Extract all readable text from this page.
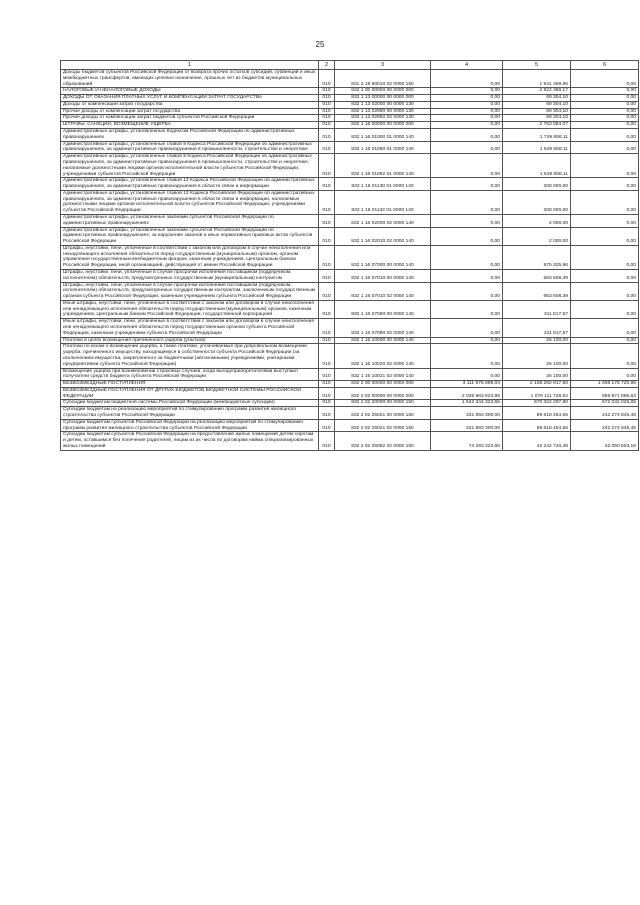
25
1	2	3	4	5	6
Доходы бюджетов субъектов Российской Федерации от возврата прочих остатков субсидий, субвенций и иных межбюджетных трансфертов, имеющих целевое назначение, прошлых лет из бюджетов муниципальных образований	010	831 2 18 60010 02 0000 150	0,00	1 941 369,85	0,00
НАЛОГОВЫЕ И НЕНАЛОГОВЫЕ ДОХОДЫ	010	832 1 00 00000 00 0000 000	0,00	2 822 388,17	0,00
ДОХОДЫ ОТ ОКАЗАНИЯ ПЛАТНЫХ УСЛУГ И КОМПЕНСАЦИИ ЗАТРАТ ГОСУДАРСТВА	010	832 1 13 00000 00 0000 000	0,00	69 304,10	0,00
Доходы от компенсации затрат государства	010	832 1 13 02000 00 0000 130	0,00	69 304,10	0,00
Прочие доходы от компенсации затрат государства	010	832 1 13 02990 00 0000 130	0,00	69 304,10	0,00
Прочие доходы от компенсации затрат бюджетов субъектов Российской Федерации	010	832 1 13 02992 02 0000 130	0,00	69 304,10	0,00
ШТРАФЫ, САНКЦИИ, ВОЗМЕЩЕНИЕ УЩЕРБА	010	832 1 16 00000 00 0000 000	0,00	2 753 084,07	0,00
Административные штрафы, установленные Кодексом Российской Федерации об административных правонарушениях	010	832 1 16 01000 01 0000 140	0,00	1 749 658,11	0,00
Административные штрафы, установленные главой 9 Кодекса Российской Федерации об административных правонарушениях, за административные правонарушения в промышленности, строительстве и энергетике	010	832 1 16 01090 01 0000 140	0,00	1 549 658,11	0,00
Административные штрафы, установленные главой 9 Кодекса Российской Федерации об административных правонарушениях, за административные правонарушения в промышленности, строительстве и энергетике, налагаемые должностными лицами органов исполнительной власти субъектов Российской Федерации, учреждениями субъектов Российской Федерации	010	832 1 16 01092 01 0000 140	0,00	1 549 658,11	0,00
Административные штрафы, установленные главой 13 Кодекса Российской Федерации об административных правонарушениях, за административные правонарушения в области связи и информации	010	832 1 16 01130 01 0000 140	0,00	200 000,00	0,00
Административные штрафы, установленные главой 13 Кодекса Российской Федерации об административных правонарушениях, за административные правонарушения в области связи и информации, налагаемые должностными лицами органов исполнительной власти субъектов Российской Федерации, учреждениями субъектов Российской Федерации	010	832 1 16 01132 01 0000 140	0,00	200 000,00	0,00
Административные штрафы, установленные законами субъектов Российской Федерации об административных правонарушениях	010	832 1 16 02000 02 0000 140	0,00	2 000,00	0,00
Административные штрафы, установленные законами субъектов Российской Федерации об административных правонарушениях, за нарушение законов и иных нормативных правовых актов субъектов Российской Федерации	010	832 1 16 02010 02 0000 140	0,00	2 000,00	0,00
Штрафы, неустойки, пени, уплаченные в соответствии с законом или договором в случае неисполнения или ненадлежащего исполнения обязательств перед государственным (муниципальным) органом, органом управления государственным внебюджетным фондом, казенным учреждением, Центральным банком Российской Федерации, иной организацией, действующей от имени Российской Федерации	010	832 1 16 07000 00 0000 140	0,00	975 325,96	0,00
Штрафы, неустойки, пени, уплаченные в случае просрочки исполнения поставщиком (подрядчиком, исполнителем) обязательств, предусмотренных государственным (муниципальным) контрактом	010	832 1 16 07010 00 0000 140	0,00	663 508,39	0,00
Штрафы, неустойки, пени, уплаченные в случае просрочки исполнения поставщиком (подрядчиком, исполнителем) обязательств, предусмотренных государственным контрактом, заключенным государственным органом субъекта Российской Федерации, казенным учреждением субъекта Российской Федерации	010	832 1 16 07010 02 0000 140	0,00	663 508,39	0,00
Иные штрафы, неустойки, пени, уплаченные в соответствии с законом или договором в случае неисполнения или ненадлежащего исполнения обязательств перед государственным (муниципальным) органом, казенным учреждением, Центральным банком Российской Федерации, государственной корпорацией	010	832 1 16 07090 00 0000 140	0,00	311 817,57	0,00
Иные штрафы, неустойки, пени, уплаченные в соответствии с законом или договором в случае неисполнения или ненадлежащего исполнения обязательств перед государственным органом субъекта Российской Федерации, казенным учреждением субъекта Российской Федерации	010	832 1 16 07090 02 0000 140	0,00	311 817,57	0,00
Платежи в целях возмещения причиненного ущерба (убытков)	010	832 1 16 10000 00 0000 140	0,00	26 100,00	0,00
Платежи по искам о возмещении ущерба, а также платежи, уплачиваемые при добровольном возмещении ущерба, причиненного имуществу, находящемуся в собственности субъекта Российской Федерации (за исключением имущества, закрепленного за бюджетными (автономными) учреждениями, унитарными предприятиями субъекта Российской Федерации)	010	832 1 16 10020 02 0000 140	0,00	26 100,00	0,00
Возмещение ущерба при возникновении страховых случаев, когда выгодоприобретателями выступают получатели средств бюджета субъекта Российской Федерации	010	832 1 16 10021 02 0000 140	0,00	26 100,00	0,00
БЕЗВОЗМЕЗДНЫЕ ПОСТУПЛЕНИЯ	010	832 2 00 00000 00 0000 000	3 111 976 898,04	2 108 282 917,50	1 008 175 720,95
БЕЗВОЗМЕЗДНЫЕ ПОСТУПЛЕНИЯ ОТ ДРУГИХ БЮДЖЕТОВ БЮДЖЕТНОЙ СИСТЕМЫ РОССИЙСКОЙ ФЕДЕРАЦИИ	010	832 2 02 00000 00 0000 000	2 035 983 623,85	1 076 111 728,52	959 871 895,63
Субсидии бюджетам бюджетной системы Российской Федерации (межбюджетные субсидии)	010	832 2 02 20000 00 0000 150	1 542 344 323,65	870 322 297,80	672 032 025,85
Субсидии бюджетам на реализацию мероприятий по стимулированию программ развития жилищного строительства субъектов Российской Федерации	010	832 2 02 25021 00 0000 150	331 893 300,00	89 618 454,55	242 274 845,45
Субсидии бюджетам субъектов Российской Федерации на реализацию мероприятий по стимулированию программ развития жилищного строительства субъектов Российской Федерации	010	832 2 02 25021 02 0000 150	331 893 300,00	89 618 454,55	242 274 845,45
Субсидии бюджетам субъектов Российской Федерации на предоставление жилых помещений детям-сиротам и детям, оставшимся без попечения родителей, лицам из их числа по договорам найма специализированных жилых помещений	010	832 2 02 25082 02 0000 150	74 293 323,65	42 242 720,49	32 050 603,16
